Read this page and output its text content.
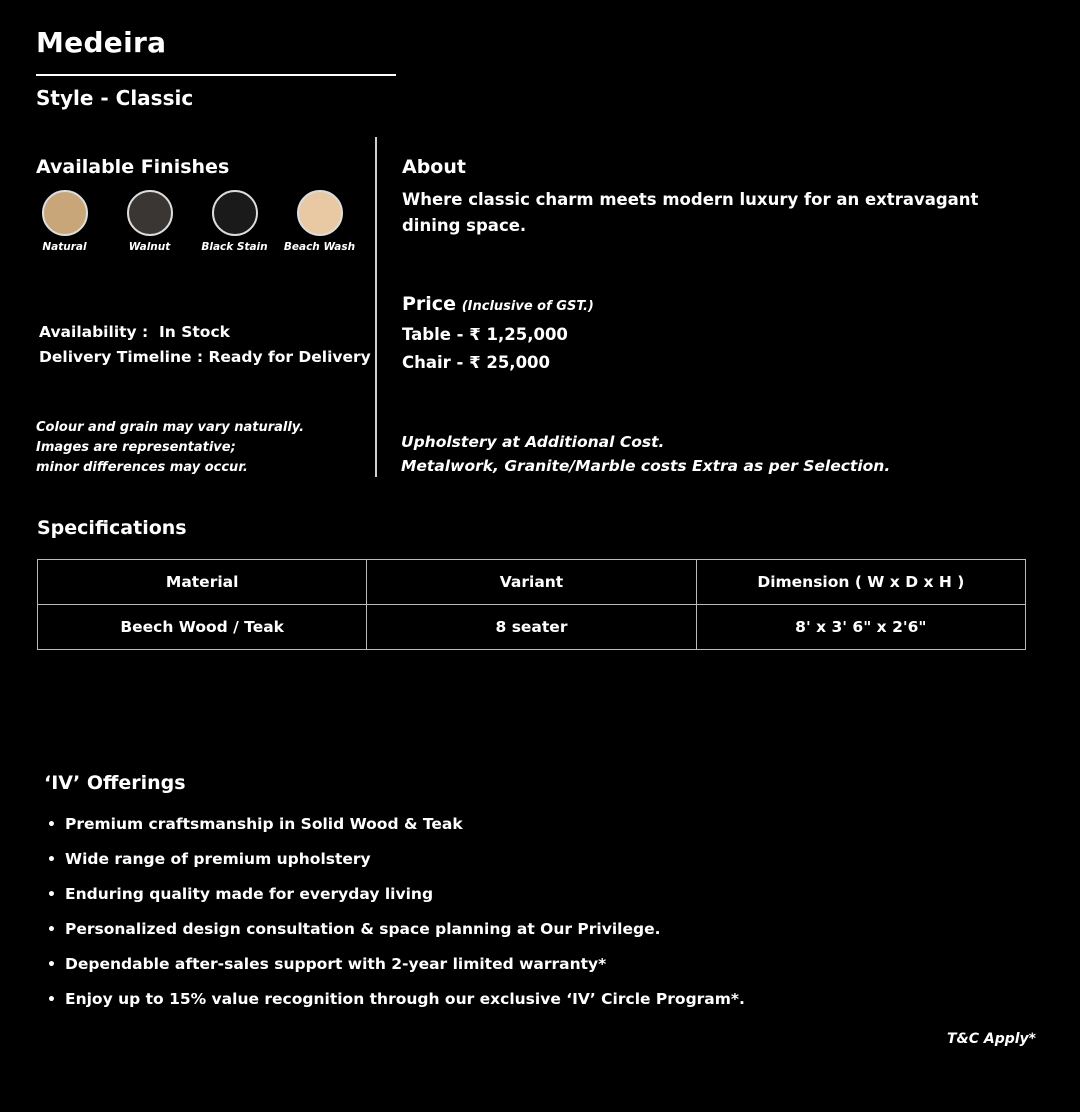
Medeira
Style - Classic
Available Finishes
Natural	Walnut	Black Stain	Beach Wash
Availability :  In Stock
Delivery Timeline : Ready for Delivery
Colour and grain may vary naturally.
Images are representative;
minor differences may occur.
About
Where classic charm meets modern luxury for an extravagant dining space.
Price (Inclusive of GST.)
Table - ₹ 1,25,000
Chair - ₹ 25,000
Upholstery at Additional Cost.
Metalwork, Granite/Marble costs Extra as per Selection.
Specifications
Material	Variant	Dimension ( W x D x H )
Beech Wood / Teak	8 seater	8' x 3' 6" x 2'6"
‘IV’ Offerings
• Premium craftsmanship in Solid Wood & Teak
• Wide range of premium upholstery
• Enduring quality made for everyday living
• Personalized design consultation & space planning at Our Privilege.
• Dependable after-sales support with 2-year limited warranty*
• Enjoy up to 15% value recognition through our exclusive ‘IV’ Circle Program*.
T&C Apply*
